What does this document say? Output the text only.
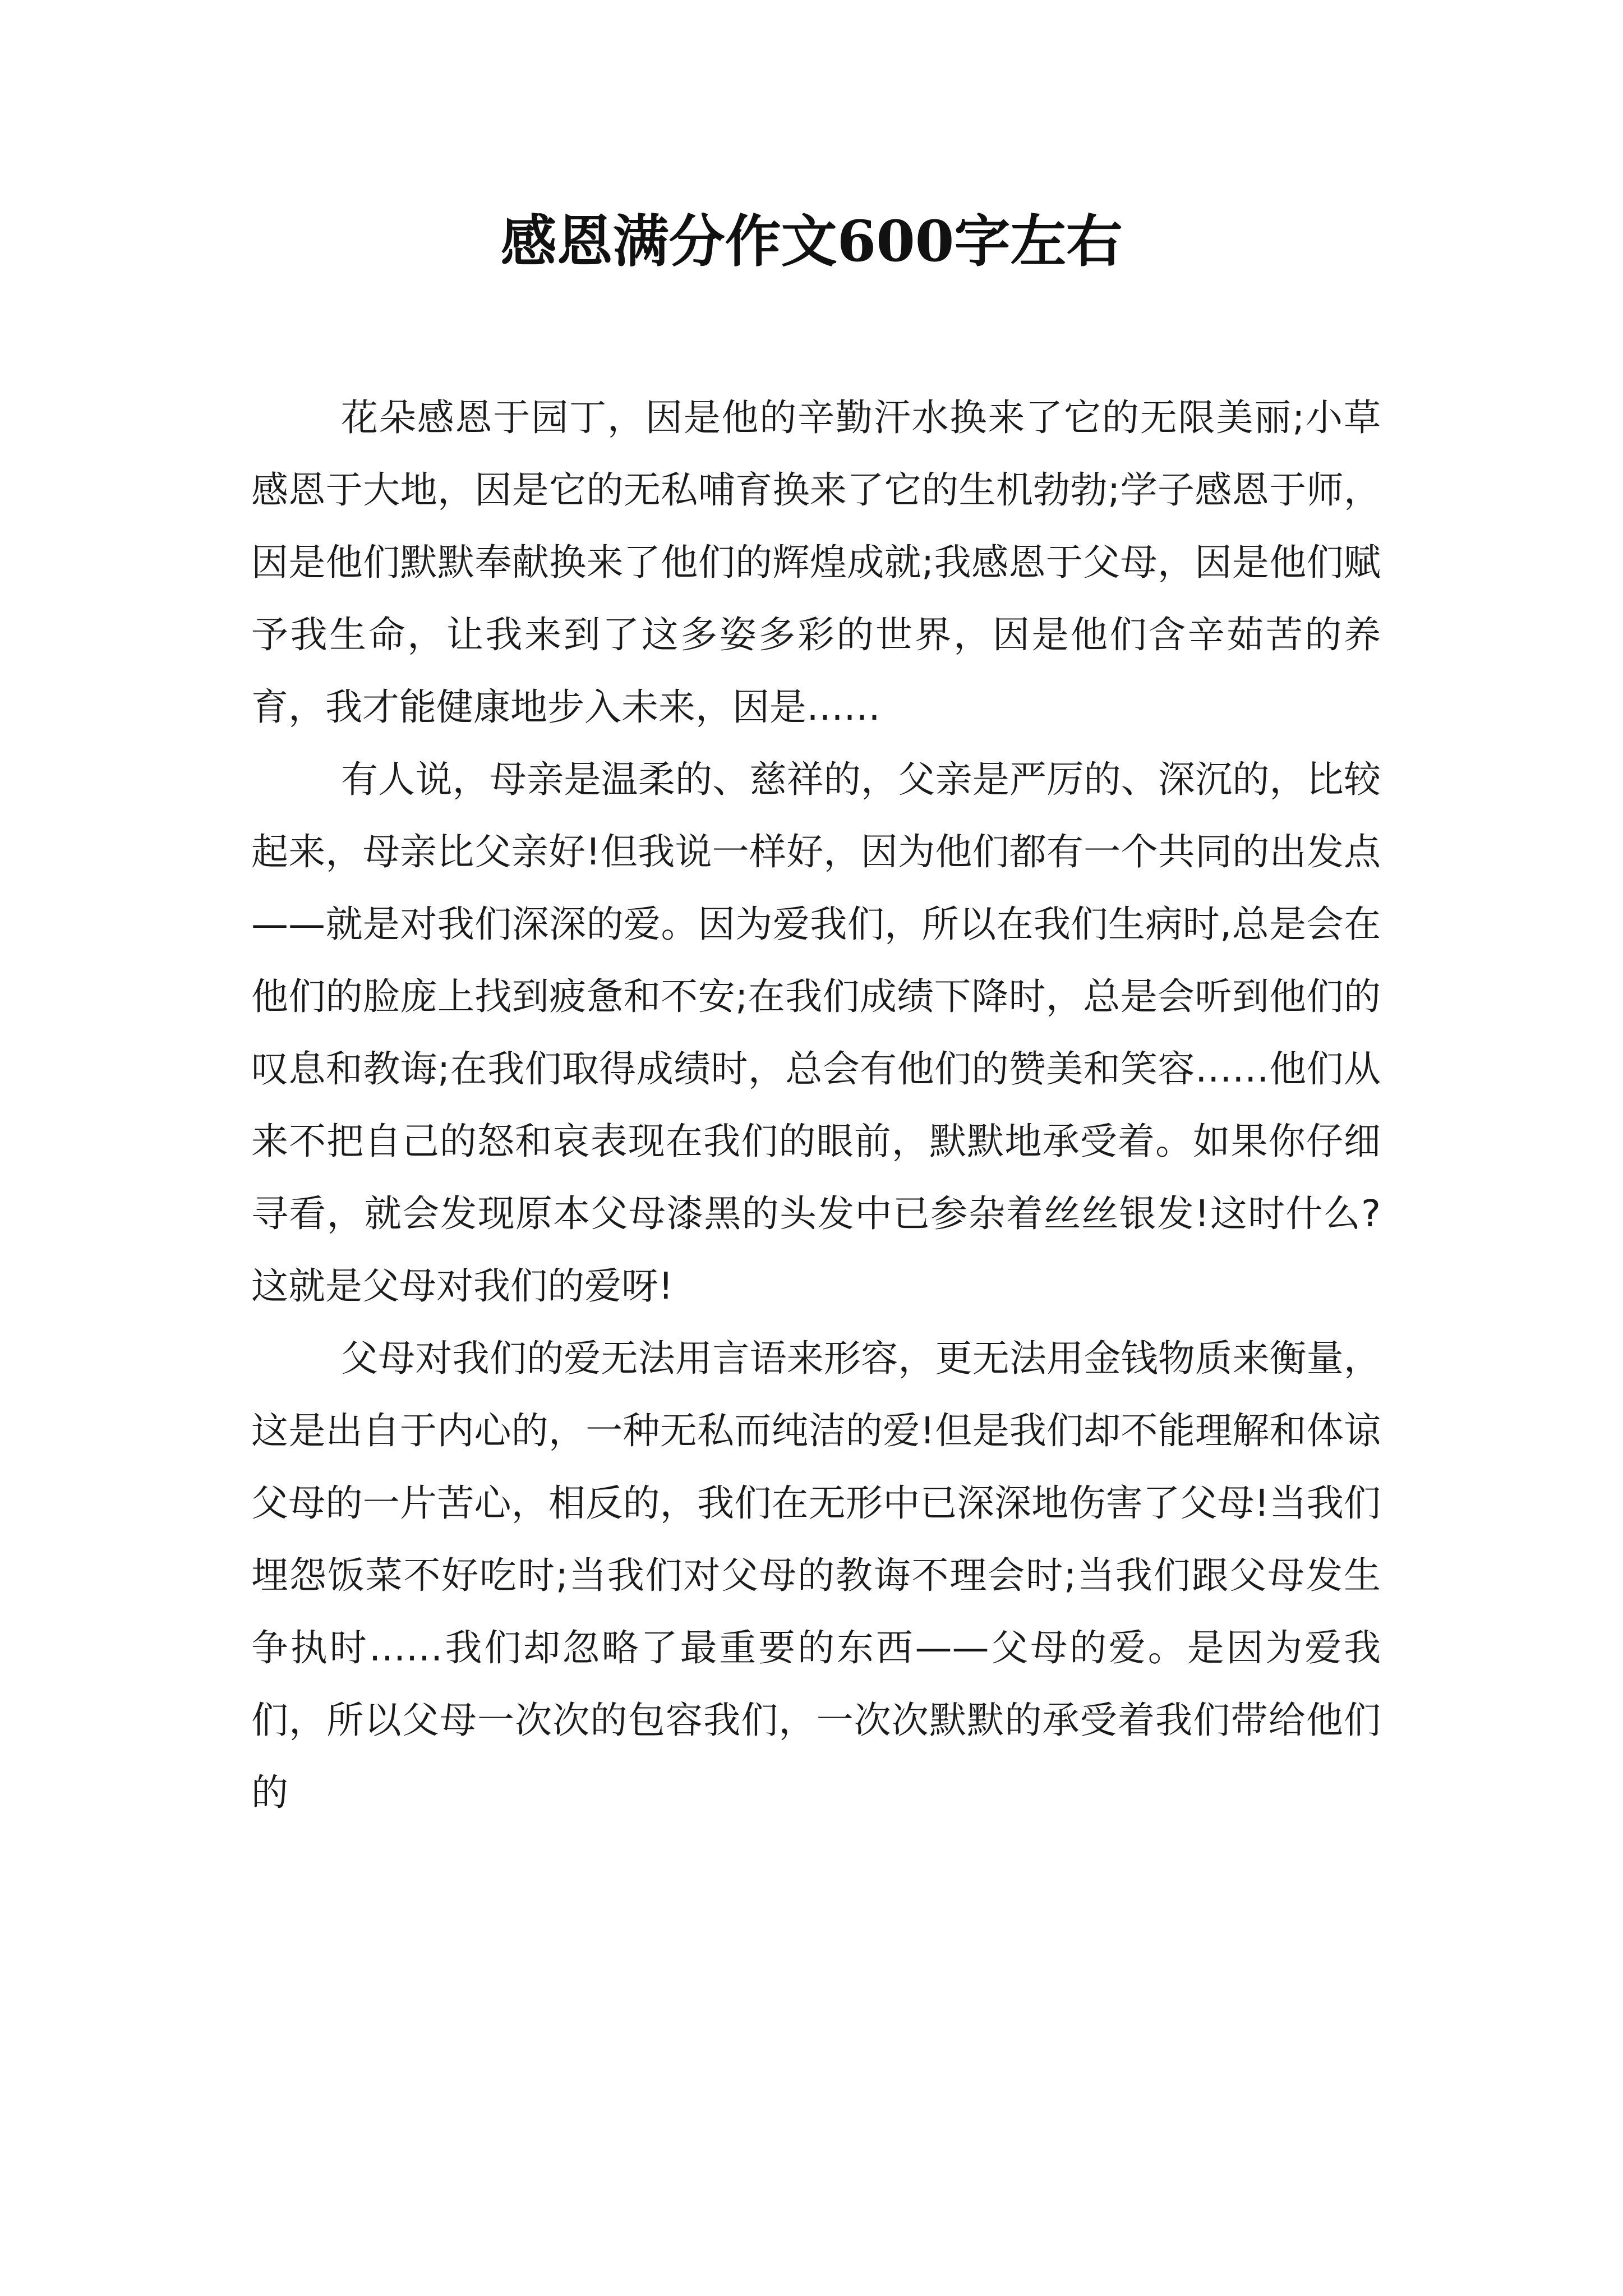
感恩满分作文600字左右

花朵感恩于园丁，因是他的辛勤汗水换来了它的无限美丽;小草感恩于大地，因是它的无私哺育换来了它的生机勃勃;学子感恩于师，因是他们默默奉献换来了他们的辉煌成就;我感恩于父母，因是他们赋予我生命，让我来到了这多姿多彩的世界，因是他们含辛茹苦的养育，我才能健康地步入未来，因是……

有人说，母亲是温柔的、慈祥的，父亲是严厉的、深沉的，比较起来，母亲比父亲好!但我说一样好，因为他们都有一个共同的出发点——就是对我们深深的爱。因为爱我们，所以在我们生病时,总是会在他们的脸庞上找到疲惫和不安;在我们成绩下降时，总是会听到他们的叹息和教诲;在我们取得成绩时，总会有他们的赞美和笑容……他们从来不把自己的怒和哀表现在我们的眼前，默默地承受着。如果你仔细寻看，就会发现原本父母漆黑的头发中已参杂着丝丝银发!这时什么?这就是父母对我们的爱呀!

父母对我们的爱无法用言语来形容，更无法用金钱物质来衡量，这是出自于内心的，一种无私而纯洁的爱!但是我们却不能理解和体谅父母的一片苦心，相反的，我们在无形中已深深地伤害了父母!当我们埋怨饭菜不好吃时;当我们对父母的教诲不理会时;当我们跟父母发生争执时……我们却忽略了最重要的东西——父母的爱。是因为爱我们，所以父母一次次的包容我们，一次次默默的承受着我们带给他们的
